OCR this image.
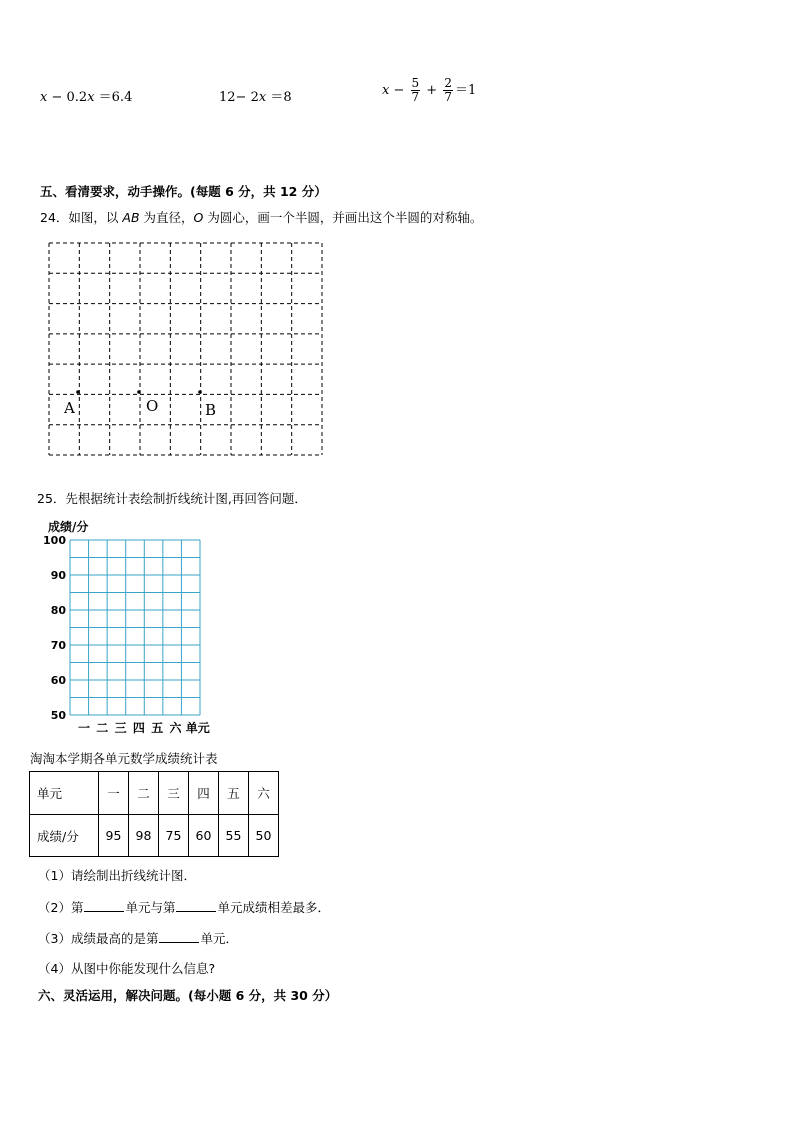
x − 0.2x ＝6.4	12− 2x ＝8	$x - \frac{5}{7} + \frac{2}{7} =1$
五、看清要求，动手操作。(每题 6 分，共 12 分）
24．如图，以 AB 为直径，O 为圆心，画一个半圆，并画出这个半圆的对称轴。
A	O	B
25．先根据统计表绘制折线统计图,再回答问题．
成绩/分
100
90
80
70
60
50
一 二 三 四 五 六 单元
淘淘本学期各单元数学成绩统计表
单元	一	二	三	四	五	六
成绩/分	95	98	75	60	55	50
（1）请绘制出折线统计图．
（2）第	单元与第	单元成绩相差最多．
（3）成绩最高的是第	单元．
（4）从图中你能发现什么信息?
六、灵活运用，解决问题。(每小题 6 分，共 30 分）
